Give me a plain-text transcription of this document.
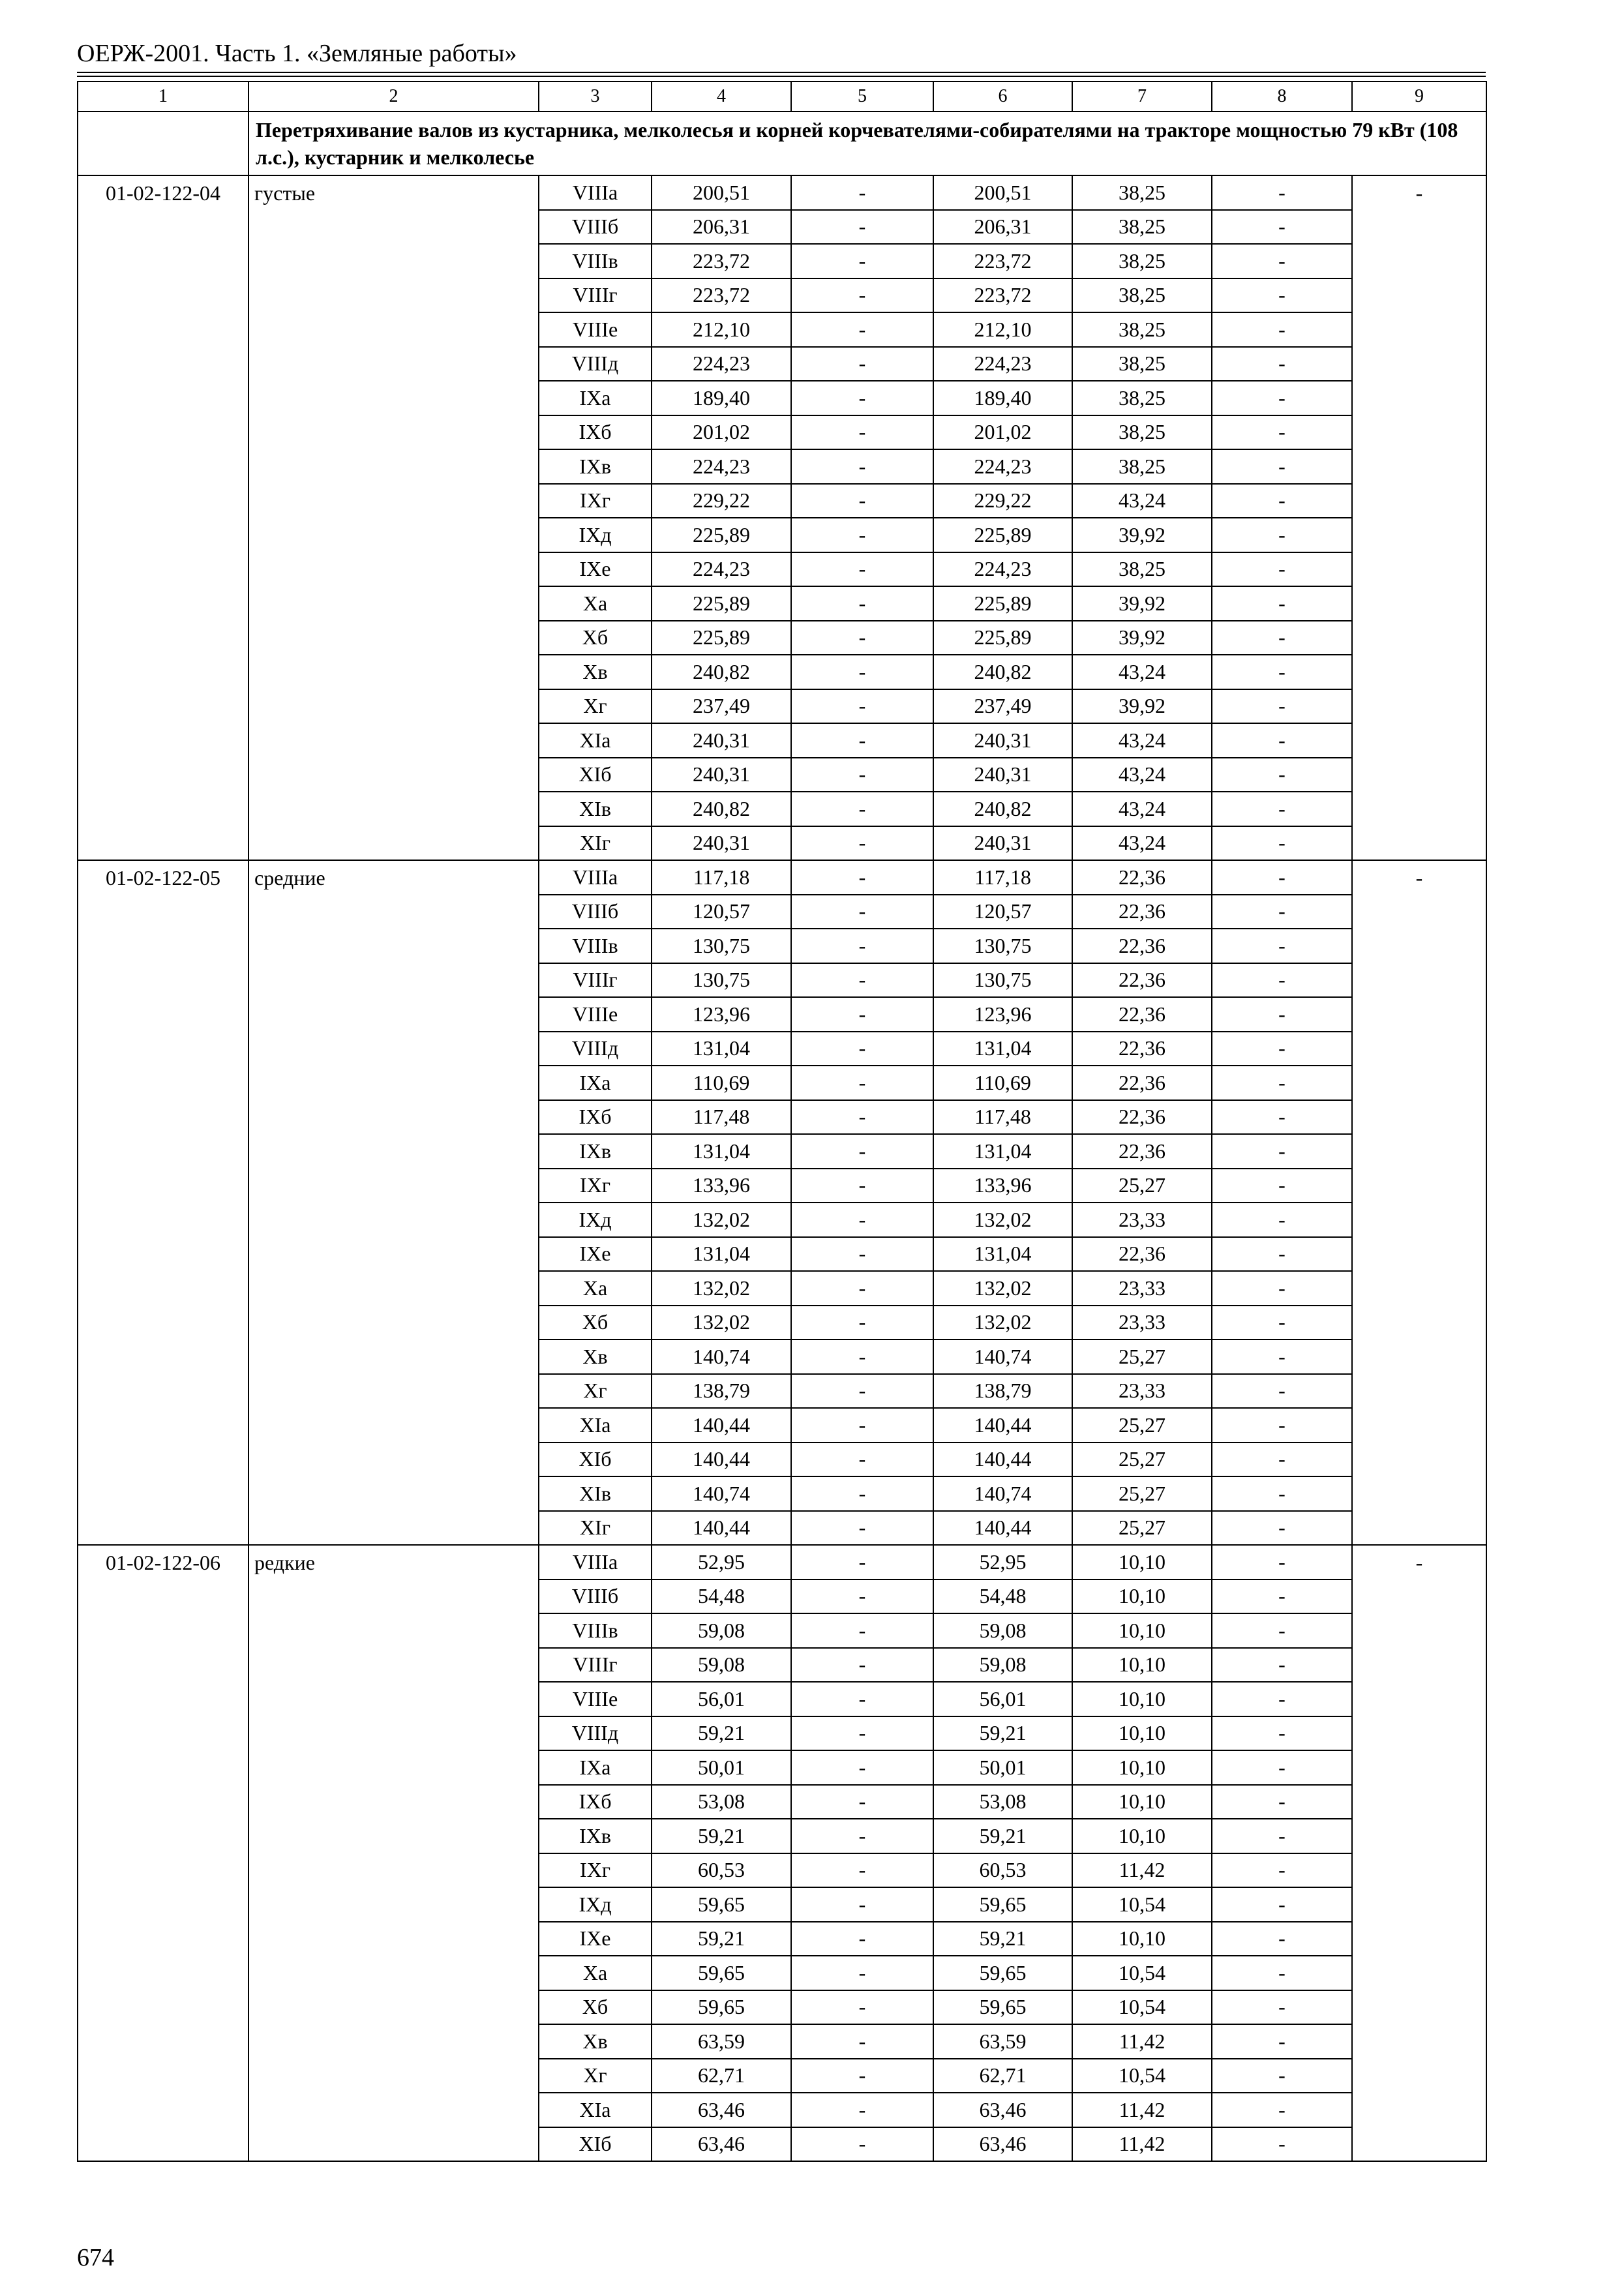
ОЕРЖ-2001. Часть 1. «Земляные работы»
1	2	3	4	5	6	7	8	9
	Перетряхивание валов из кустарника, мелколесья и корней корчевателями-собирателями на тракторе мощностью 79 кВт (108 л.с.), кустарник и мелколесье							
01-02-122-04	густые	VIIIа	200,51	-	200,51	38,25	-	-
		VIIIб	206,31	-	206,31	38,25	-	
		VIIIв	223,72	-	223,72	38,25	-	
		VIIIг	223,72	-	223,72	38,25	-	
		VIIIе	212,10	-	212,10	38,25	-	
		VIIIд	224,23	-	224,23	38,25	-	
		IXа	189,40	-	189,40	38,25	-	
		IXб	201,02	-	201,02	38,25	-	
		IXв	224,23	-	224,23	38,25	-	
		IXг	229,22	-	229,22	43,24	-	
		IXд	225,89	-	225,89	39,92	-	
		IXе	224,23	-	224,23	38,25	-	
		Xа	225,89	-	225,89	39,92	-	
		Xб	225,89	-	225,89	39,92	-	
		Xв	240,82	-	240,82	43,24	-	
		Xг	237,49	-	237,49	39,92	-	
		XIа	240,31	-	240,31	43,24	-	
		XIб	240,31	-	240,31	43,24	-	
		XIв	240,82	-	240,82	43,24	-	
		XIг	240,31	-	240,31	43,24	-	
01-02-122-05	средние	VIIIа	117,18	-	117,18	22,36	-	-
		VIIIб	120,57	-	120,57	22,36	-	
		VIIIв	130,75	-	130,75	22,36	-	
		VIIIг	130,75	-	130,75	22,36	-	
		VIIIе	123,96	-	123,96	22,36	-	
		VIIIд	131,04	-	131,04	22,36	-	
		IXа	110,69	-	110,69	22,36	-	
		IXб	117,48	-	117,48	22,36	-	
		IXв	131,04	-	131,04	22,36	-	
		IXг	133,96	-	133,96	25,27	-	
		IXд	132,02	-	132,02	23,33	-	
		IXе	131,04	-	131,04	22,36	-	
		Xа	132,02	-	132,02	23,33	-	
		Xб	132,02	-	132,02	23,33	-	
		Xв	140,74	-	140,74	25,27	-	
		Xг	138,79	-	138,79	23,33	-	
		XIа	140,44	-	140,44	25,27	-	
		XIб	140,44	-	140,44	25,27	-	
		XIв	140,74	-	140,74	25,27	-	
		XIг	140,44	-	140,44	25,27	-	
01-02-122-06	редкие	VIIIа	52,95	-	52,95	10,10	-	-
		VIIIб	54,48	-	54,48	10,10	-	
		VIIIв	59,08	-	59,08	10,10	-	
		VIIIг	59,08	-	59,08	10,10	-	
		VIIIе	56,01	-	56,01	10,10	-	
		VIIIд	59,21	-	59,21	10,10	-	
		IXа	50,01	-	50,01	10,10	-	
		IXб	53,08	-	53,08	10,10	-	
		IXв	59,21	-	59,21	10,10	-	
		IXг	60,53	-	60,53	11,42	-	
		IXд	59,65	-	59,65	10,54	-	
		IXе	59,21	-	59,21	10,10	-	
		Xа	59,65	-	59,65	10,54	-	
		Xб	59,65	-	59,65	10,54	-	
		Xв	63,59	-	63,59	11,42	-	
		Xг	62,71	-	62,71	10,54	-	
		XIа	63,46	-	63,46	11,42	-	
		XIб	63,46	-	63,46	11,42	-	
674
